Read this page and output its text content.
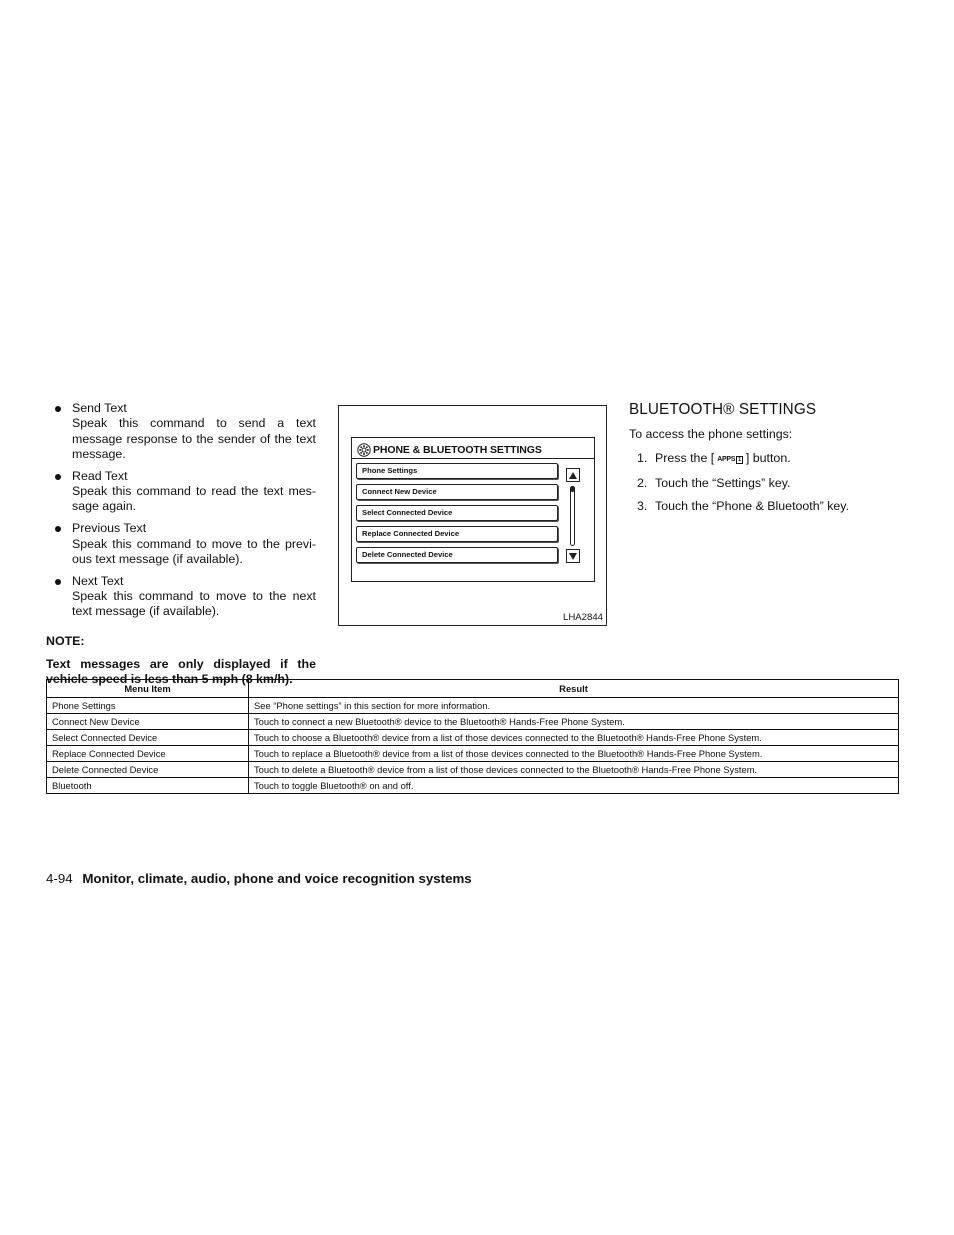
Send Text
Speak this command to send a text message response to the sender of the text message.
Read Text
Speak this command to read the text mes-sage again.
Previous Text
Speak this command to move to the previ-ous text message (if available).
Next Text
Speak this command to move to the next text message (if available).
NOTE:
Text messages are only displayed if the vehicle speed is less than 5 mph (8 km/h).
PHONE & BLUETOOTH SETTINGS
Phone Settings
Connect New Device
Select Connected Device
Replace Connected Device
Delete Connected Device
LHA2844
BLUETOOTH® SETTINGS
To access the phone settings:
1. Press the [ APPS 1 ] button.
2. Touch the “Settings” key.
3. Touch the “Phone & Bluetooth” key.
Menu Item	Result
Phone Settings	See “Phone settings” in this section for more information.
Connect New Device	Touch to connect a new Bluetooth® device to the Bluetooth® Hands-Free Phone System.
Select Connected Device	Touch to choose a Bluetooth® device from a list of those devices connected to the Bluetooth® Hands-Free Phone System.
Replace Connected Device	Touch to replace a Bluetooth® device from a list of those devices connected to the Bluetooth® Hands-Free Phone System.
Delete Connected Device	Touch to delete a Bluetooth® device from a list of those devices connected to the Bluetooth® Hands-Free Phone System.
Bluetooth	Touch to toggle Bluetooth® on and off.
4-94 Monitor, climate, audio, phone and voice recognition systems
